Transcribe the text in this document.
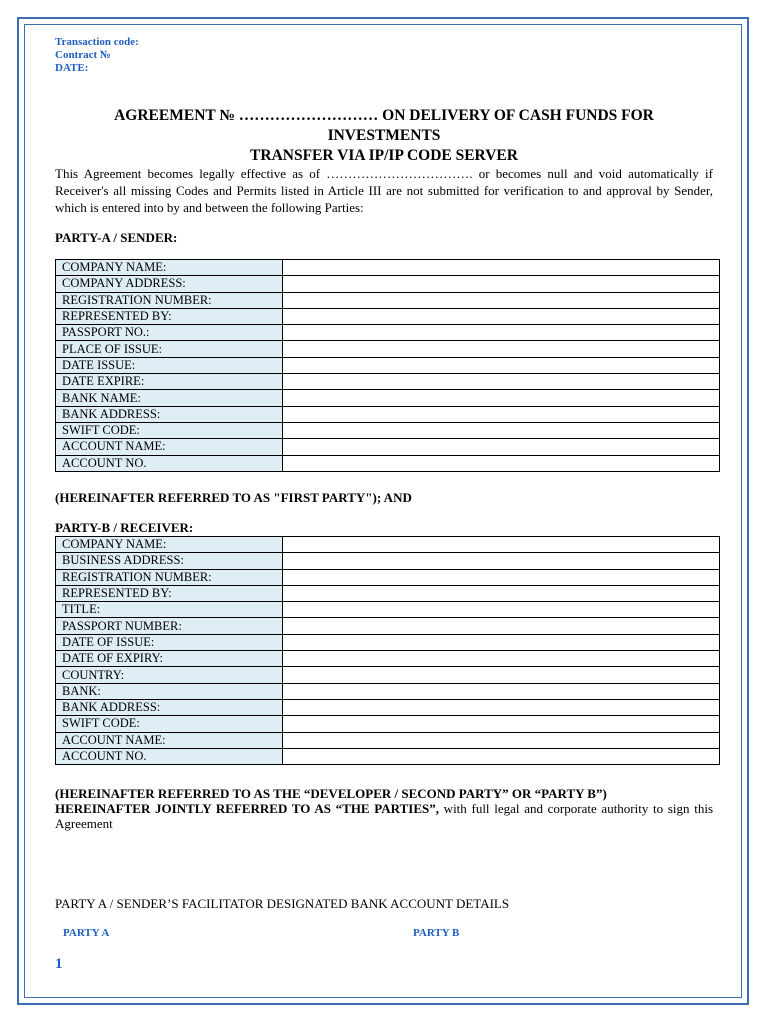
Transaction code:
Contract №
DATE:
AGREEMENT № ……………………… ON DELIVERY OF CASH FUNDS FOR
INVESTMENTS
TRANSFER VIA IP/IP CODE SERVER
This Agreement becomes legally effective as of ……………………………. or becomes null and void automatically if Receiver's all missing Codes and Permits listed in Article III are not submitted for verification to and approval by Sender, which is entered into by and between the following Parties:
PARTY-A / SENDER:
COMPANY NAME:	
COMPANY ADDRESS:	
REGISTRATION NUMBER:	
REPRESENTED BY:	
PASSPORT NO.:	
PLACE OF ISSUE:	
DATE ISSUE:	
DATE EXPIRE:	
BANK NAME:	
BANK ADDRESS:	
SWIFT CODE:	
ACCOUNT NAME:	
ACCOUNT NO.	
(HEREINAFTER REFERRED TO AS "FIRST PARTY"); AND
PARTY-B / RECEIVER:
COMPANY NAME:	
BUSINESS ADDRESS:	
REGISTRATION NUMBER:	
REPRESENTED BY:	
TITLE:	
PASSPORT NUMBER:	
DATE OF ISSUE:	
DATE OF EXPIRY:	
COUNTRY:	
BANK:	
BANK ADDRESS:	
SWIFT CODE:	
ACCOUNT NAME:	
ACCOUNT NO.	
(HEREINAFTER REFERRED TO AS THE “DEVELOPER / SECOND PARTY” OR “PARTY B”)
HEREINAFTER JOINTLY REFERRED TO AS “THE PARTIES”, with full legal and corporate authority to sign this Agreement
PARTY A / SENDER’S FACILITATOR DESIGNATED BANK ACCOUNT DETAILS
PARTY A	PARTY B
1
